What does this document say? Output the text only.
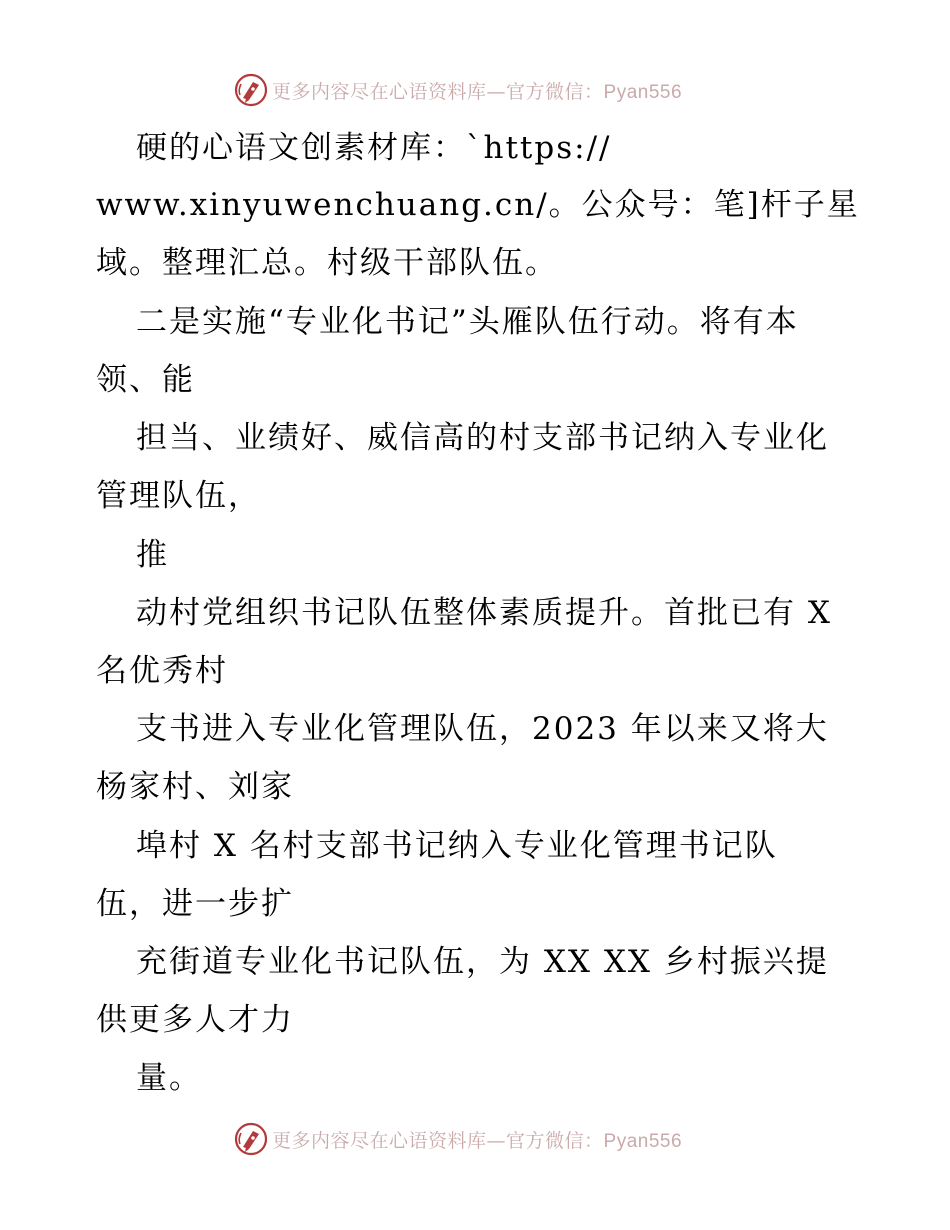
更多内容尽在心语资料库—官方微信：Pyan556
硬的心语文创素材库：`https://
www.xinyuwenchuang.cn/。公众号：笔]杆子星
域。整理汇总。村级干部队伍。
二是实施“专业化书记”头雁队伍行动。将有本
领、能
担当、业绩好、威信高的村支部书记纳入专业化
管理队伍，
推
动村党组织书记队伍整体素质提升。首批已有 X
名优秀村
支书进入专业化管理队伍，2023 年以来又将大
杨家村、刘家
埠村 X 名村支部书记纳入专业化管理书记队
伍，进一步扩
充街道专业化书记队伍，为 XX XX 乡村振兴提
供更多人才力
量。
更多内容尽在心语资料库—官方微信：Pyan556
